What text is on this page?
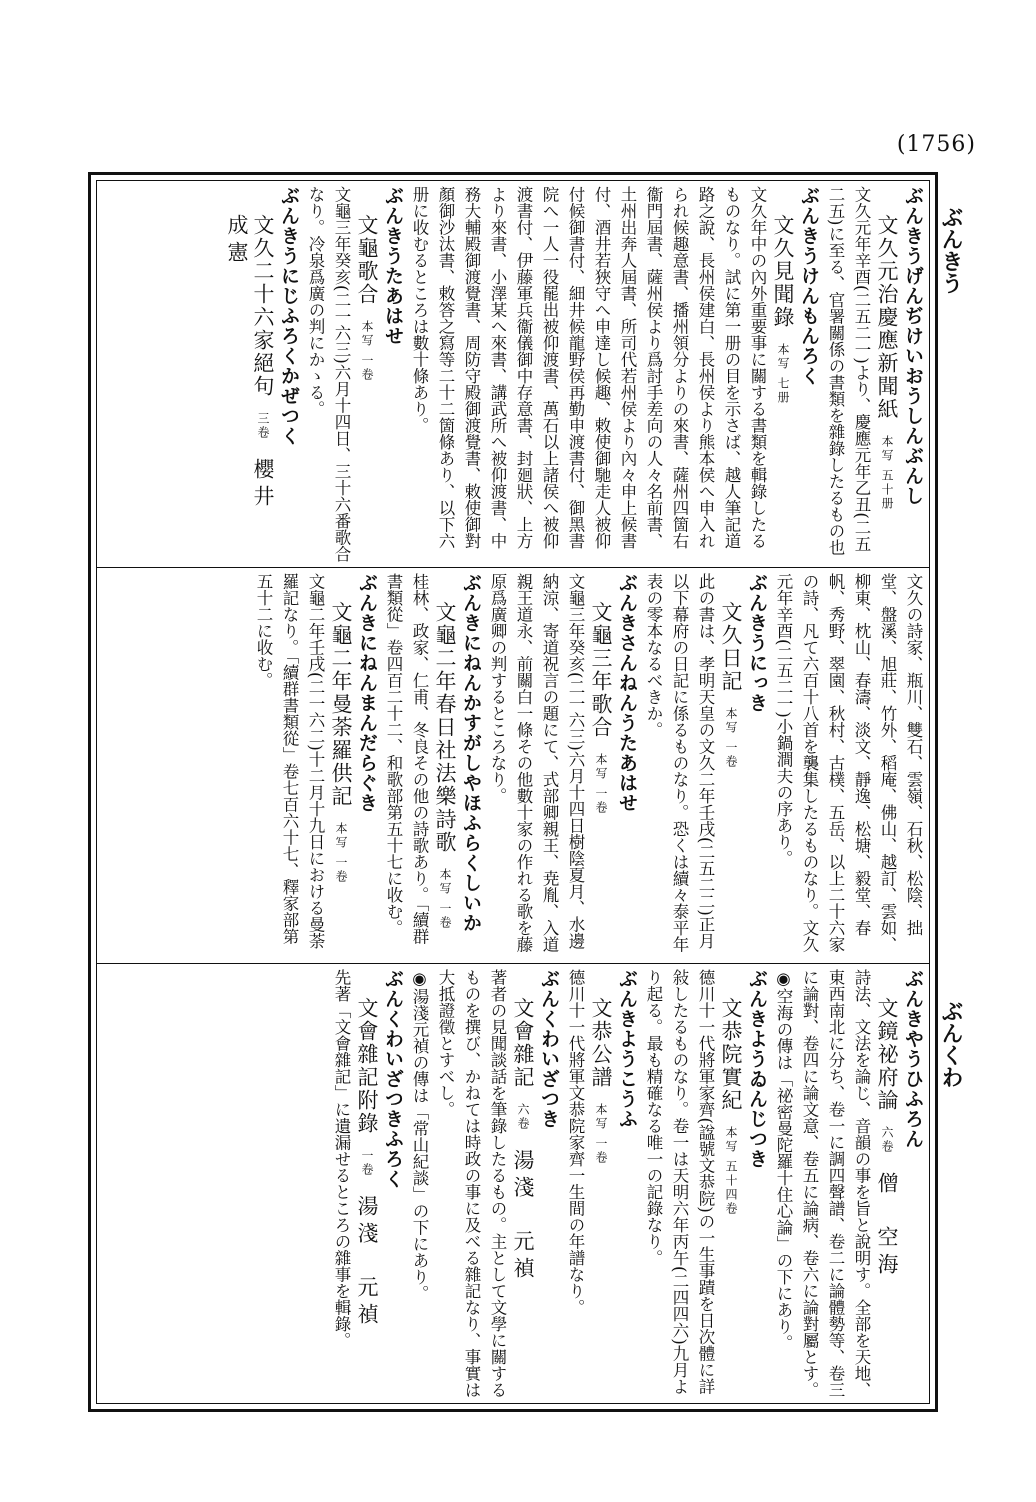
(1756)
ぶんきう
ぶんくわ
ぶんきうげんぢけいおうしんぶんし
文久元治慶應新聞紙本写 五十册
文久元年辛酉(二五二一)より、慶應元年乙丑(二五二五)に至る、官署關係の書類を雜錄したるもの也
ぶんきうけんもんろく
文久見聞錄本写 七册
文久年中の內外重要事に關する書類を輯錄したるものなり。試に第一册の目を示さば、越人筆記道路之說、長州侯建白、長州侯より熊本侯へ申入れられ候趣意書、播州領分よりの來書、薩州四箇右衞門屆書、薩州侯より爲討手差向の人々名前書、土州出奔人屆書、所司代若州侯より內々申上候書付、酒井若狹守へ申達し候趣、敕使御馳走人被仰付候御書付、細井候龍野侯再勤申渡書付、御黑書院へ一人一役罷出被仰渡書、萬石以上諸侯へ被仰渡書付、伊藤軍兵衞儀御中存意書、封廻狀、上方より來書、小澤某へ來書、講武所へ被仰渡書、中務大輔殿御渡覺書、周防守殿御渡覺書、敕使御對顏御沙汰書、敕答之寫等二十二箇條あり、以下六册に收むるところは數十條あり。
ぶんきうたあはせ
文龜歌合本写 一卷
文龜三年癸亥(二一六三)六月十四日、三十六番歌合なり。冷泉爲廣の判にかゝる。
ぶんきうにじふろくかぜつく
文久二十六家絕句三卷櫻井　成憲
文久の詩家、瓶川、雙石、雲嶺、石秋、松陰、拙堂、盤溪、旭莊、竹外、稻庵、佛山、越訂、雲如、柳東、枕山、春濤、淡文、靜逸、松塘、毅堂、春帆、秀野、翠園、秋村、古樸、五岳、以上二十六家の詩、凡て六百十八首を襲集したるものなり。文久元年辛酉(二五二一)小鍋澗夫の序あり。
ぶんきうにっき
文久日記本写 一卷
此の書は、孝明天皇の文久二年壬戌(二五二二)正月以下幕府の日記に係るものなり。恐くは續々泰平年表の零本なるべきか。
ぶんきさんねんうたあはせ
文龜三年歌合本写 一卷
文龜三年癸亥(二一六三)六月十四日樹陰夏月、水邊納涼、寄道祝言の題にて、式部卿親王、尭胤、入道親王道永、前關白一條その他數十家の作れる歌を藤原爲廣卿の判するところなり。
ぶんきにねんかすがしやほふらくしいか
文龜二年春日社法樂詩歌本写 一卷
桂林、政家、仁甫、冬良その他の詩歌あり。「續群書類從」卷四百二十二、和歌部第五十七に收む。
ぶんきにねんまんだらぐき
文龜二年曼荼羅供記本写 一卷
文龜二年壬戌(二一六二)十二月十九日における曼荼羅記なり。「續群書類從」卷七百六十七、釋家部第五十二に收む。
ぶんきやうひふろん
文鏡祕府論六卷僧　空海
詩法、文法を論じ、音韻の事を旨と說明す。全部を天地、東西南北に分ち、卷一に調四聲譜、卷二に論體勢等、卷三に論對、卷四に論文意、卷五に論病、卷六に論對屬とす。
◉空海の傳は「祕密曼陀羅十住心論」の下にあり。
ぶんきようゐんじつき
文恭院實紀本写 五十四卷
德川十一代將軍家齊(諡號文恭院)の一生事蹟を日次體に詳敍したるものなり。卷一は天明六年丙午(二四四六)九月より起る。最も精確なる唯一の記錄なり。
ぶんきようこうふ
文恭公譜本写 一卷
德川十一代將軍文恭院家齊一生間の年譜なり。
ぶんくわいざつき
文會雜記六卷湯淺　元禎
著者の見聞談話を筆錄したるもの。主として文學に關するものを撰び、かねては時政の事に及べる雜記なり、事實は大抵證徵とすべし。
◉湯淺元禎の傳は「常山紀談」の下にあり。
ぶんくわいざつきふろく
文會雜記附錄一卷湯淺　元禎
先著「文會雜記」に遺漏せるところの雜事を輯錄。
